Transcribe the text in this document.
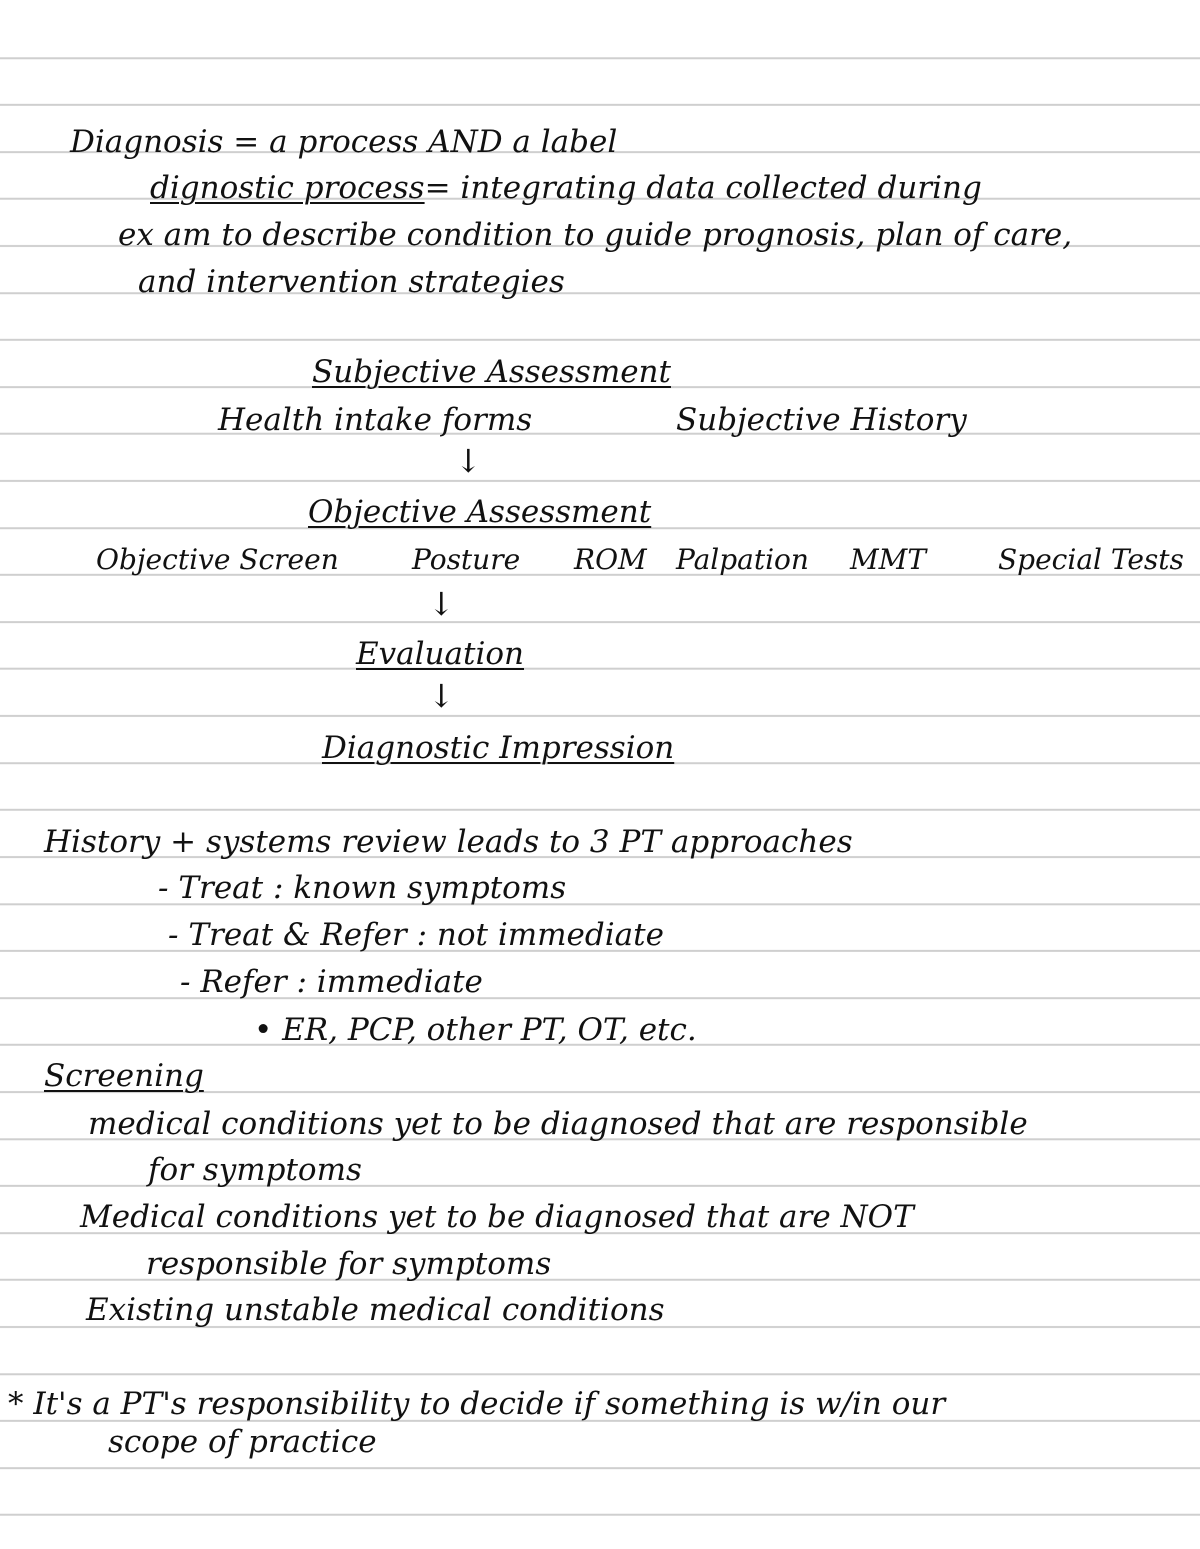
Diagnosis = a process AND a label
dignostic process= integrating data collected during
ex am to describe condition to guide prognosis, plan of care,
and intervention strategies
Subjective Assessment
Health intake forms	Subjective History
↓
Objective Assessment
Objective Screen	Posture ROM Palpation MMT	Special Tests
↓
Evaluation
↓
Diagnostic Impression
History + systems review leads to 3 PT approaches
- Treat : known symptoms
- Treat & Refer : not immediate
- Refer : immediate
• ER, PCP, other PT, OT, etc.
Screening
medical conditions yet to be diagnosed that are responsible
for symptoms
Medical conditions yet to be diagnosed that are NOT
responsible for symptoms
Existing unstable medical conditions
* It's a PT's responsibility to decide if something is w/in our
scope of practice
